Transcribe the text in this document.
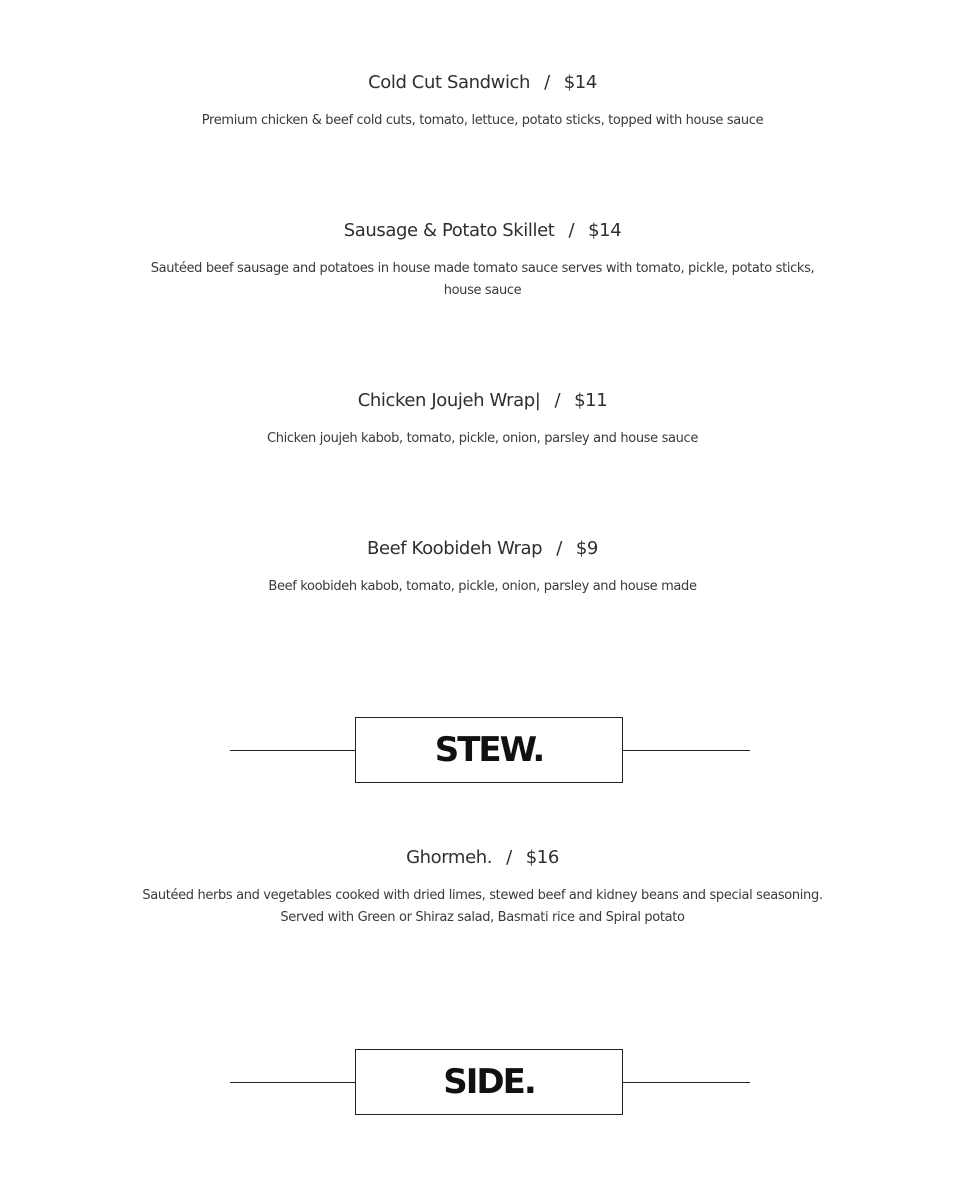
Cold Cut Sandwich / $14

Premium chicken & beef cold cuts, tomato, lettuce, potato sticks, topped with house sauce

Sausage & Potato Skillet / $14

Sautéed beef sausage and potatoes in house made tomato sauce serves with tomato, pickle, potato sticks, house sauce

Chicken Joujeh Wrap| / $11

Chicken joujeh kabob, tomato, pickle, onion, parsley and house sauce

Beef Koobideh Wrap / $9

Beef koobideh kabob, tomato, pickle, onion, parsley and house made

STEW.
Ghormeh. / $16

Sautéed herbs and vegetables cooked with dried limes, stewed beef and kidney beans and special seasoning. Served with Green or Shiraz salad, Basmati rice and Spiral potato

SIDE.
